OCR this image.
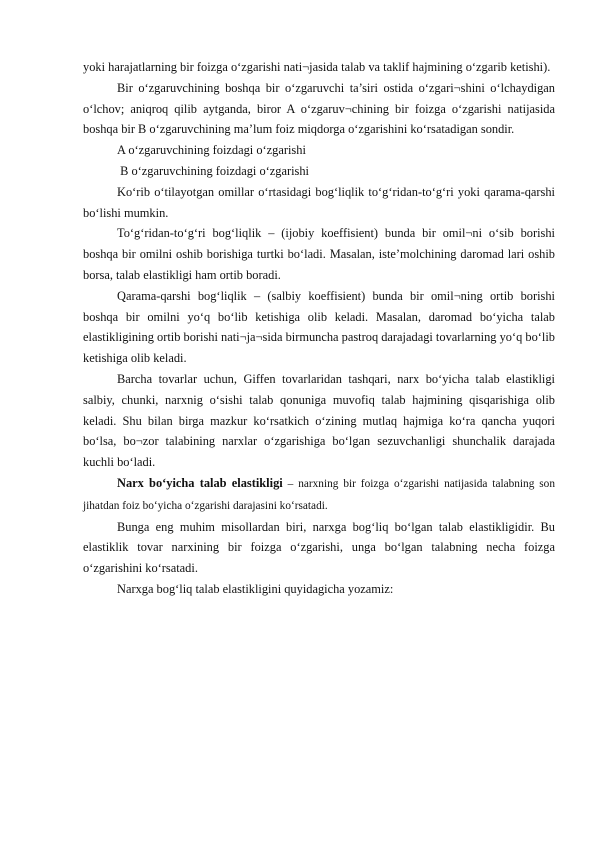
yoki harajatlarning bir foizga o‘zgarishi nati¬jasida talab va taklif hajmining o‘zgarib ketishi).

Bir o‘zgaruvchining boshqa bir o‘zgaruvchi ta’siri ostida o‘zgari¬shini o‘lchaydigan o‘lchov; aniqroq qilib aytganda, biror A o‘zgaruv¬chining bir foizga o‘zgarishi natijasida boshqa bir B o‘zgaruvchining ma’lum foiz miqdorga o‘zgarishini ko‘rsatadigan sondir.

A o‘zgaruvchining foizdagi o‘zgarishi

B o‘zgaruvchining foizdagi o‘zgarishi

Ko‘rib o‘tilayotgan omillar o‘rtasidagi bog‘liqlik to‘g‘ridan-to‘g‘ri yoki qarama-qarshi bo‘lishi mumkin.

To‘g‘ridan-to‘g‘ri bog‘liqlik – (ijobiy koeffisient) bunda bir omil¬ni o‘sib borishi boshqa bir omilni oshib borishiga turtki bo‘ladi. Masalan, iste’molchining daromad lari oshib borsa, talab elastikligi ham ortib boradi.

Qarama-qarshi bog‘liqlik – (salbiy koeffisient) bunda bir omil¬ning ortib borishi boshqa bir omilni yo‘q bo‘lib ketishiga olib keladi. Masalan, daromad bo‘yicha talab elastikligining ortib borishi nati¬ja¬sida birmuncha pastroq darajadagi tovarlarning yo‘q bo‘lib ketishiga olib keladi.

Barcha tovarlar uchun, Giffen tovarlaridan tashqari, narx bo‘yicha talab elastikligi salbiy, chunki, narxnig o‘sishi talab qonuniga muvofiq talab hajmining qisqarishiga olib keladi. Shu bilan birga mazkur ko‘rsatkich o‘zining mutlaq hajmiga ko‘ra qancha yuqori bo‘lsa, bo¬zor talabining narxlar o‘zgarishiga bo‘lgan sezuvchanligi shunchalik darajada kuchli bo‘ladi.

Narx bo‘yicha talab elastikligi – narxning bir foizga o‘zgarishi natijasida talabning son jihatdan foiz bo‘yicha o‘zgarishi darajasini ko‘rsatadi.

Bunga eng muhim misollardan biri, narxga bog‘liq bo‘lgan talab elastikligidir. Bu elastiklik tovar narxining bir foizga o‘zgarishi, unga bo‘lgan talabning necha foizga o‘zgarishini ko‘rsatadi.

Narxga bog‘liq talab elastikligini quyidagicha yozamiz:
